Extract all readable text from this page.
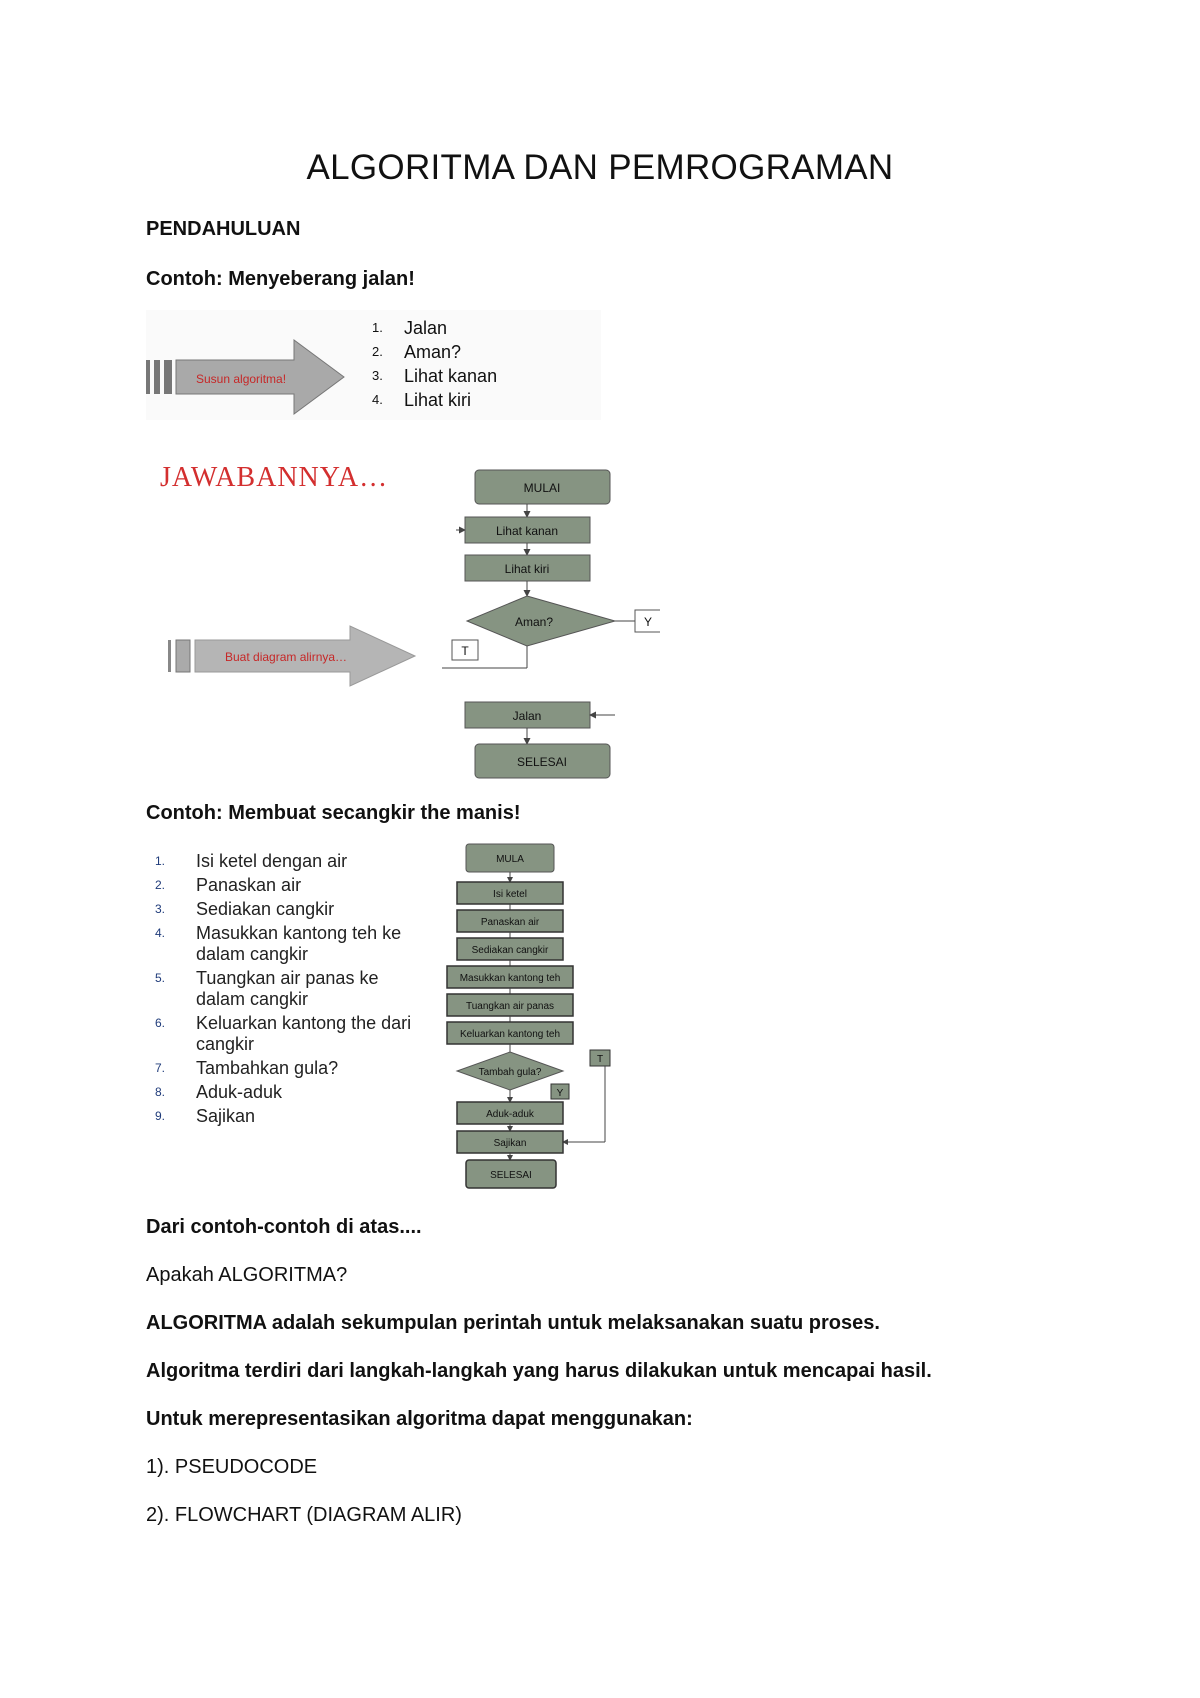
ALGORITMA DAN PEMROGRAMAN
PENDAHULUAN
Contoh: Menyeberang jalan!
Susun algoritma!
1.	Jalan
2.	Aman?
3.	Lihat kanan
4.	Lihat kiri
JAWABANNYA…
Buat diagram alirnya…
MULAI
Lihat kanan
Lihat kiri
Aman?	Y
T
Jalan
SELESAI
Contoh: Membuat secangkir the manis!
1.	Isi ketel dengan air
2.	Panaskan air
3.	Sediakan cangkir
4.	Masukkan kantong teh ke dalam cangkir
5.	Tuangkan air panas ke dalam cangkir
6.	Keluarkan kantong the dari cangkir
7.	Tambahkan gula?
8.	Aduk-aduk
9.	Sajikan
MULA
Isi ketel
Panaskan air
Sediakan cangkir
Masukkan kantong teh
Tuangkan air panas
Keluarkan kantong teh
Tambah gula?
T
Y
Aduk-aduk
Sajikan
SELESAI
Dari contoh-contoh di atas....
Apakah ALGORITMA?
ALGORITMA adalah sekumpulan perintah untuk melaksanakan suatu proses.
Algoritma terdiri dari langkah-langkah yang harus dilakukan untuk mencapai hasil.
Untuk merepresentasikan algoritma dapat menggunakan:
1). PSEUDOCODE
2). FLOWCHART (DIAGRAM ALIR)
